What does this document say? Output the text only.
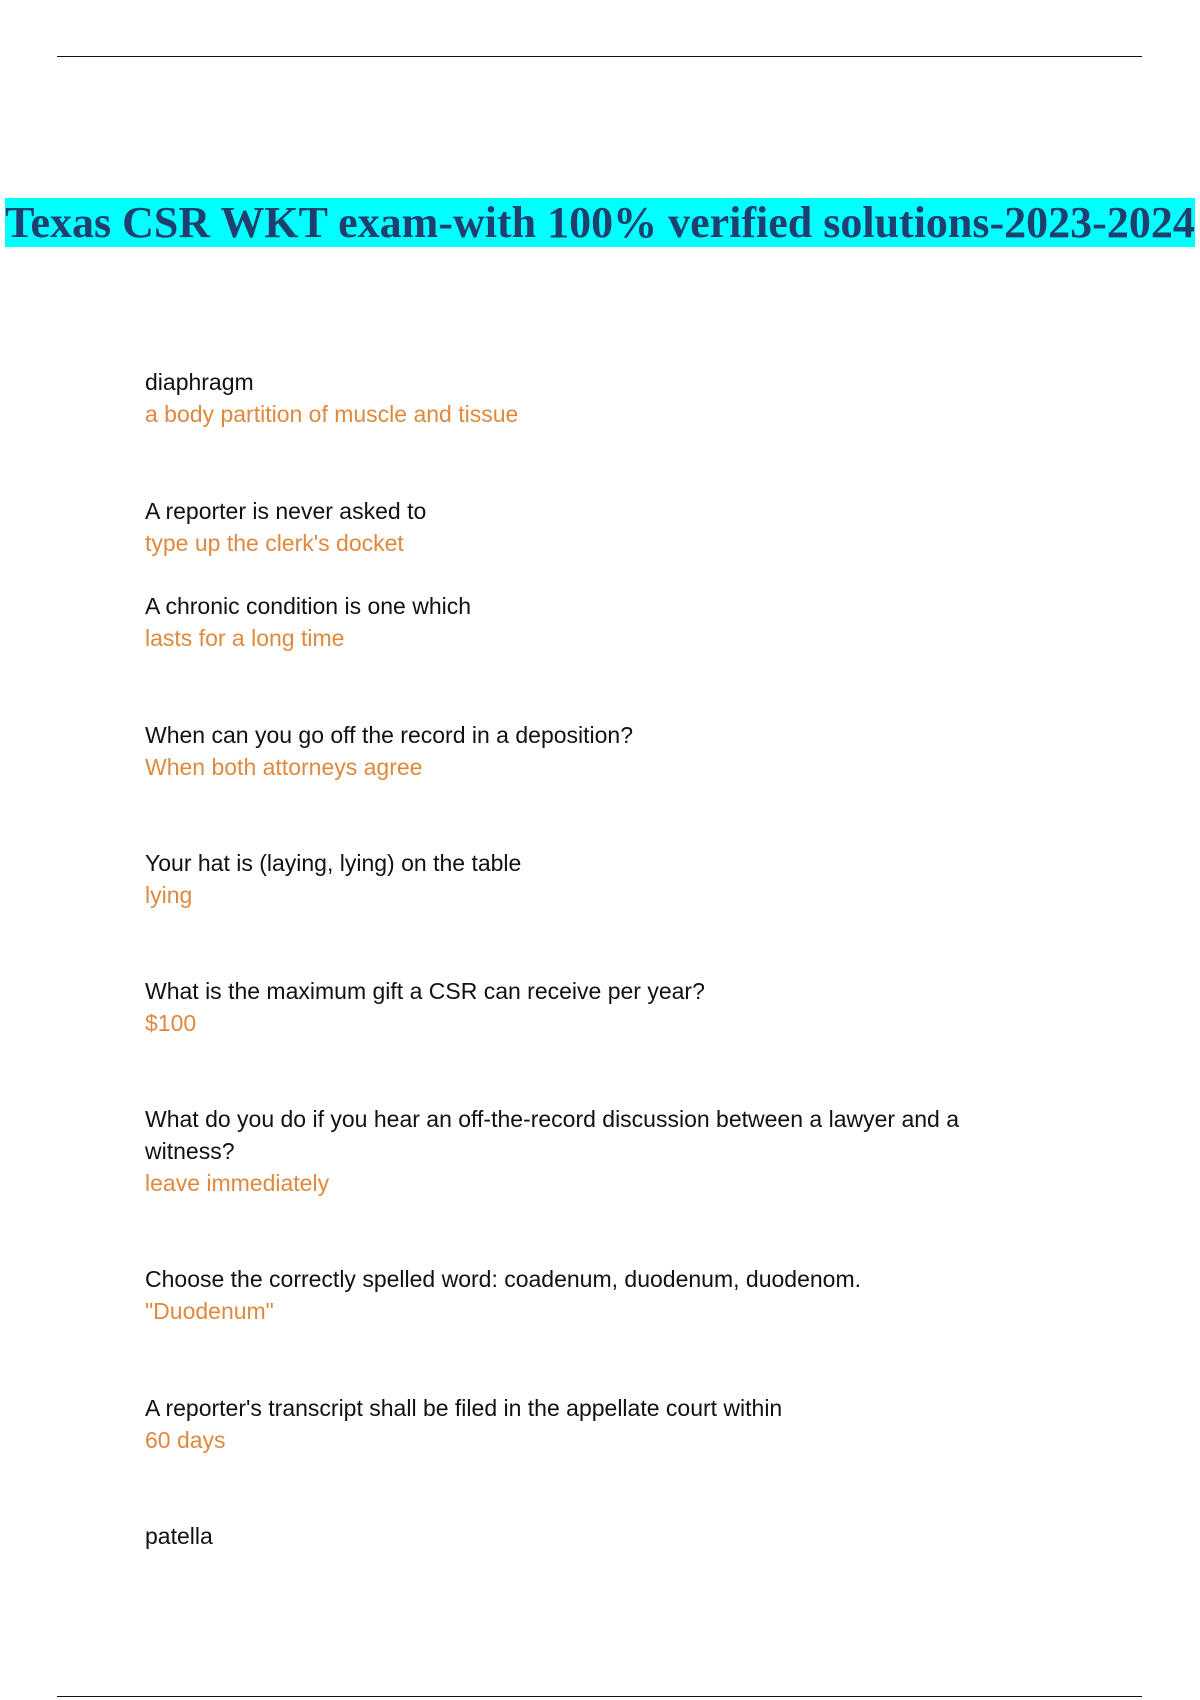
Texas CSR WKT exam-with 100% verified solutions-2023-2024
diaphragm
a body partition of muscle and tissue
A reporter is never asked to
type up the clerk's docket
A chronic condition is one which
lasts for a long time
When can you go off the record in a deposition?
When both attorneys agree
Your hat is (laying, lying) on the table
lying
What is the maximum gift a CSR can receive per year?
$100
What do you do if you hear an off-the-record discussion between a lawyer and a witness?
leave immediately
Choose the correctly spelled word: coadenum, duodenum, duodenom.
"Duodenum"
A reporter's transcript shall be filed in the appellate court within
60 days
patella
